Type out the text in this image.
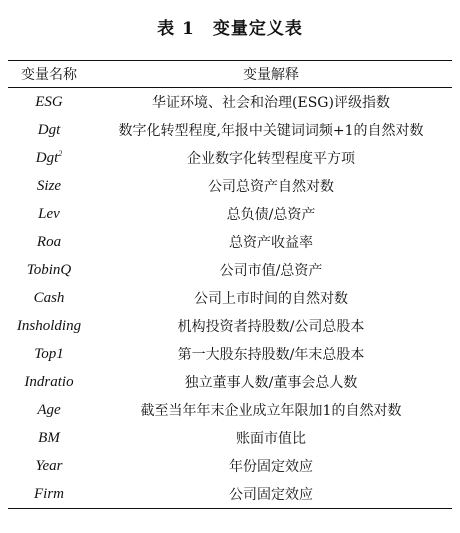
表 1 变量定义表
变量名称	变量解释
ESG	华证环境、社会和治理(ESG)评级指数
Dgt	数字化转型程度,年报中关键词词频+1的自然对数
Dgt$^2$	企业数字化转型程度平方项
Size	公司总资产自然对数
Lev	总负债/总资产
Roa	总资产收益率
TobinQ	公司市值/总资产
Cash	公司上市时间的自然对数
Insholding	机构投资者持股数/公司总股本
Top1	第一大股东持股数/年末总股本
Indratio	独立董事人数/董事会总人数
Age	截至当年年末企业成立年限加1的自然对数
BM	账面市值比
Year	年份固定效应
Firm	公司固定效应
